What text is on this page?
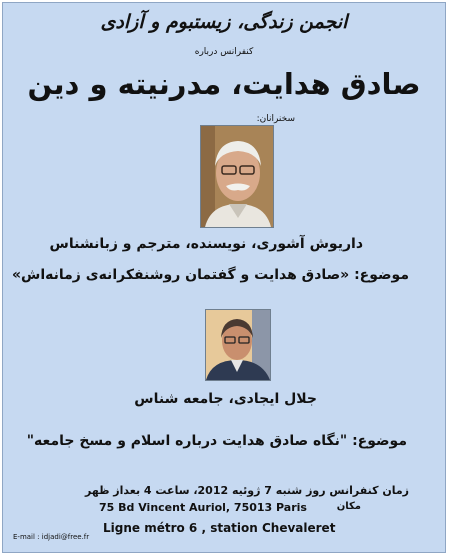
انجمن زندگی، زیستبوم و آزادی
کنفرانس درباره
صادق هدایت، مدرنیته و دین
سخنرانان:
داریوش آشوری، نویسنده، مترجم و زبانشناس
موضوع: «صادق هدایت و گفتمان روشنفکرانه‌ی زمانه‌اش»
جلال ایجادی، جامعه شناس
موضوع: "نگاه صادق هدایت درباره اسلام و مسخ جامعه"
زمان کنفرانس روز شنبه 7 ژوئیه 2012، ساعت 4 بعداز ظهر
مکان
75 Bd Vincent Auriol, 75013 Paris
Ligne métro 6 , station Chevaleret
E-mail : idjadi@free.fr
